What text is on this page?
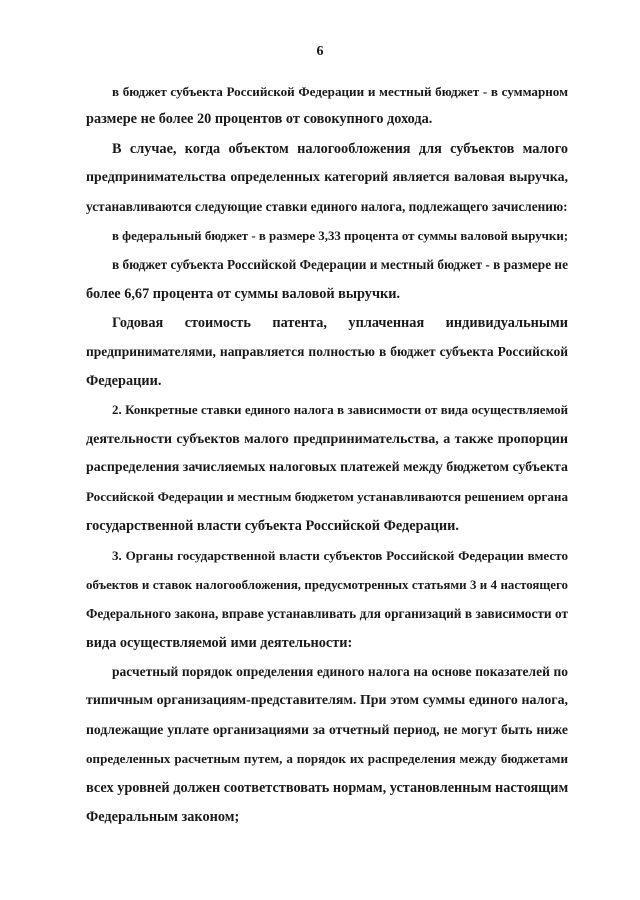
6
в бюджет субъекта Российской Федерации и местный бюджет - в суммарном
размере не более 20 процентов от совокупного дохода.
В случае, когда объектом налогообложения для субъектов малого
предпринимательства определенных категорий является валовая выручка,
устанавливаются следующие ставки единого налога, подлежащего зачислению:
в федеральный бюджет - в размере 3,33 процента от суммы валовой выручки;
в бюджет субъекта Российской Федерации и местный бюджет - в размере не
более 6,67 процента от суммы валовой выручки.
Годовая стоимость патента, уплаченная индивидуальными
предпринимателями, направляется полностью в бюджет субъекта Российской
Федерации.
2. Конкретные ставки единого налога в зависимости от вида осуществляемой
деятельности субъектов малого предпринимательства, а также пропорции
распределения зачисляемых налоговых платежей между бюджетом субъекта
Российской Федерации и местным бюджетом устанавливаются решением органа
государственной власти субъекта Российской Федерации.
3. Органы государственной власти субъектов Российской Федерации вместо
объектов и ставок налогообложения, предусмотренных статьями 3 и 4 настоящего
Федерального закона, вправе устанавливать для организаций в зависимости от
вида осуществляемой ими деятельности:
расчетный порядок определения единого налога на основе показателей по
типичным организациям-представителям. При этом суммы единого налога,
подлежащие уплате организациями за отчетный период, не могут быть ниже
определенных расчетным путем, а порядок их распределения между бюджетами
всех уровней должен соответствовать нормам, установленным настоящим
Федеральным законом;
